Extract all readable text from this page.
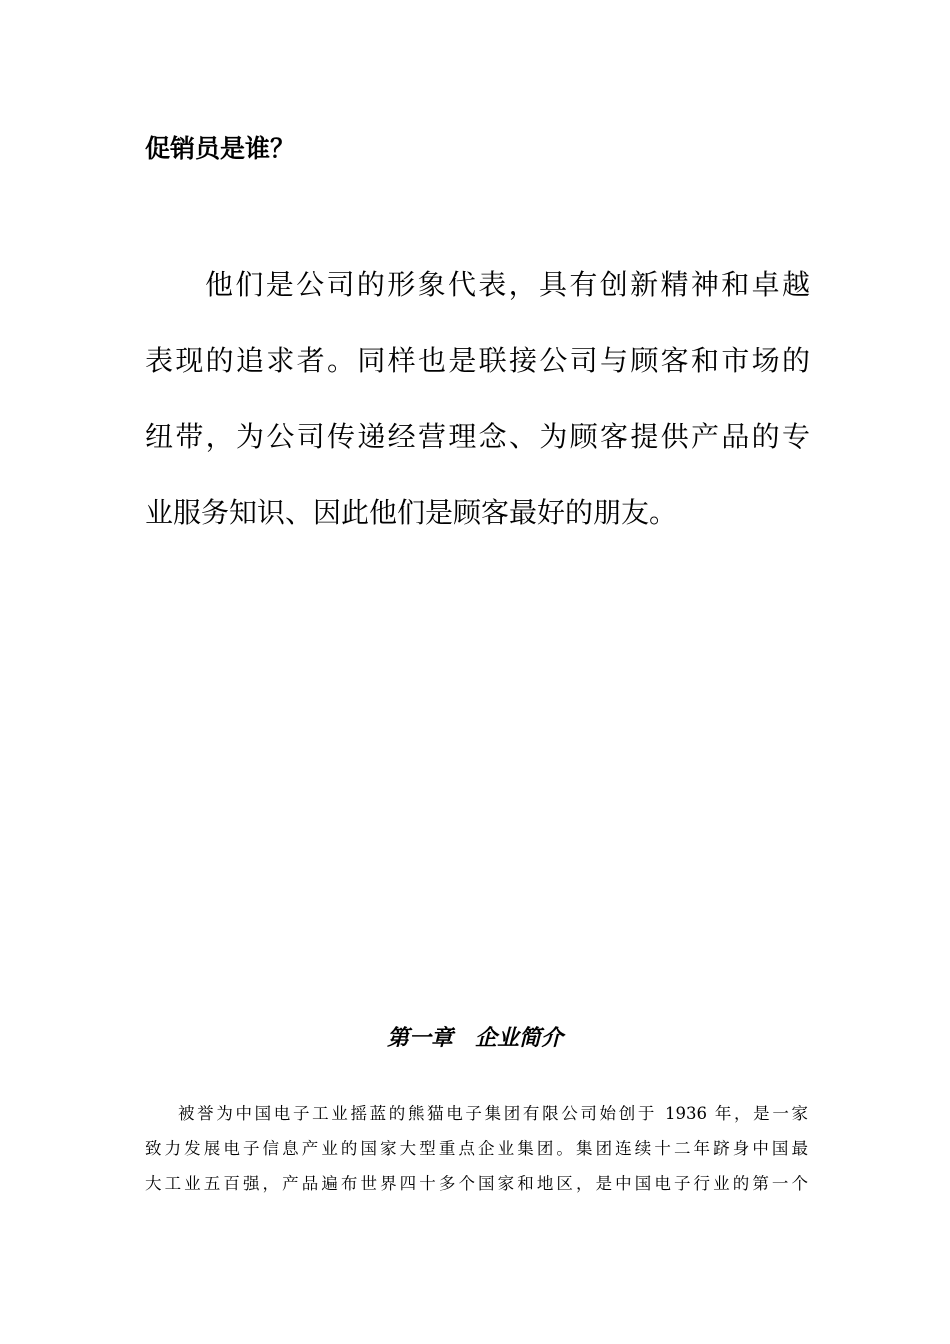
促销员是谁？

他们是公司的形象代表，具有创新精神和卓越
表现的追求者。同样也是联接公司与顾客和市场的
纽带，为公司传递经营理念、为顾客提供产品的专
业服务知识、因此他们是顾客最好的朋友。

第一章　企业简介

被誉为中国电子工业摇蓝的熊猫电子集团有限公司始创于 1936 年，是一家
致力发展电子信息产业的国家大型重点企业集团。集团连续十二年跻身中国最
大工业五百强，产品遍布世界四十多个国家和地区，是中国电子行业的第一个
